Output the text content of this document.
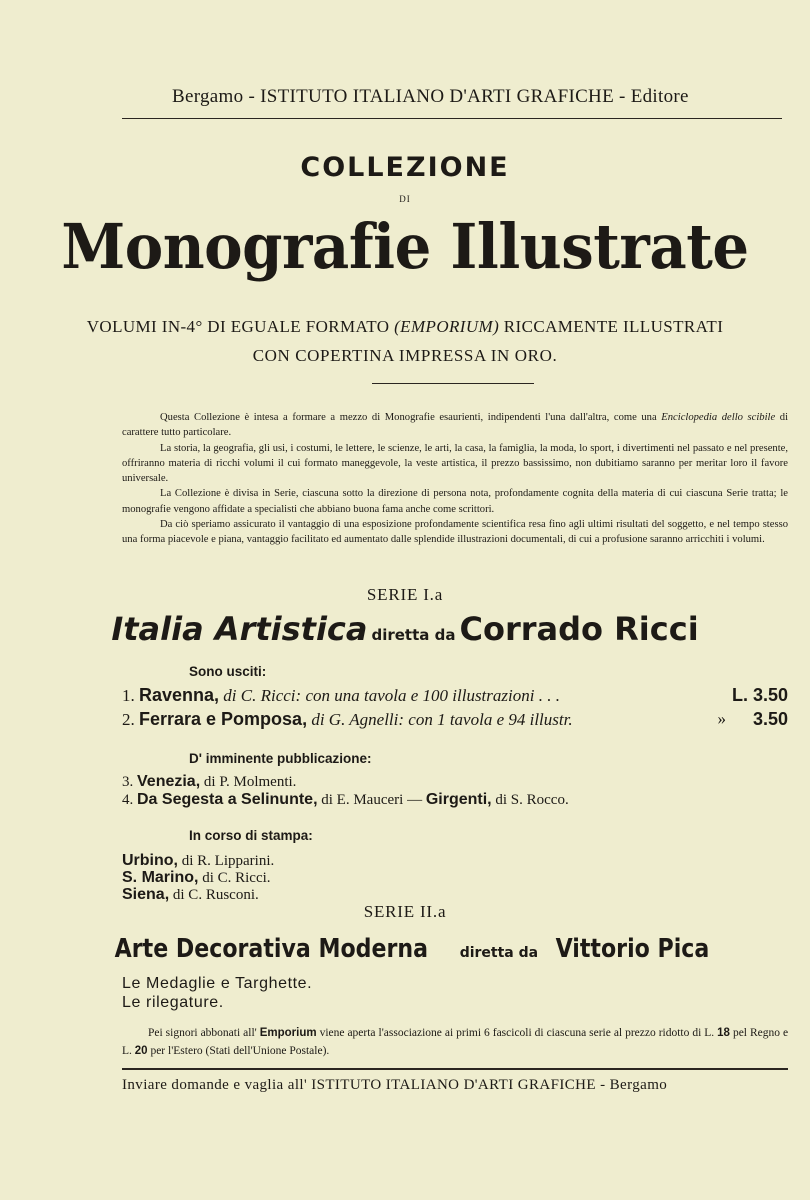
Bergamo - ISTITUTO ITALIANO D'ARTI GRAFICHE - Editore
COLLEZIONE
DI
Monografie Illustrate
VOLUMI IN-4° DI EGUALE FORMATO (EMPORIUM) RICCAMENTE ILLUSTRATI
CON COPERTINA IMPRESSA IN ORO.

Questa Collezione è intesa a formare a mezzo di Monografie esaurienti, indipendenti l'una dall'altra, come una Enciclopedia dello scibile di carattere tutto particolare.

La storia, la geografia, gli usi, i costumi, le lettere, le scienze, le arti, la casa, la famiglia, la moda, lo sport, i divertimenti nel passato e nel presente, offriranno materia di ricchi volumi il cui formato maneggevole, la veste artistica, il prezzo bassissimo, non dubitiamo saranno per meritar loro il favore universale.

La Collezione è divisa in Serie, ciascuna sotto la direzione di persona nota, profondamente cognita della materia di cui ciascuna Serie tratta; le monografie vengono affidate a specialisti che abbiano buona fama anche come scrittori.

Da ciò speriamo assicurato il vantaggio di una esposizione profondamente scientifica resa fino agli ultimi risultati del soggetto, e nel tempo stesso una forma piacevole e piana, vantaggio facilitato ed aumentato dalle splendide illustrazioni documentali, di cui a profusione saranno arricchiti i volumi.

SERIE I.a
Italia Artistica diretta da Corrado Ricci
Sono usciti:
1. Ravenna, di C. Ricci: con una tavola e 100 illustrazioni . . .	L. 3.50
2. Ferrara e Pomposa, di G. Agnelli: con 1 tavola e 94 illustr.	» 3.50
D' imminente pubblicazione:
3. Venezia, di P. Molmenti.
4. Da Segesta a Selinunte, di E. Mauceri — Girgenti, di S. Rocco.
In corso di stampa:
Urbino, di R. Lipparini.
S. Marino, di C. Ricci.
Siena, di C. Rusconi.
SERIE II.a
Arte Decorativa Moderna diretta da Vittorio Pica
Le Medaglie e Targhette.
Le rilegature.
Pei signori abbonati all' Emporium viene aperta l'associazione ai primi 6 fascicoli di ciascuna serie al prezzo ridotto di L. 18 pel Regno e L. 20 per l'Estero (Stati dell'Unione Postale).
Inviare domande e vaglia all' ISTITUTO ITALIANO D'ARTI GRAFICHE - Bergamo
